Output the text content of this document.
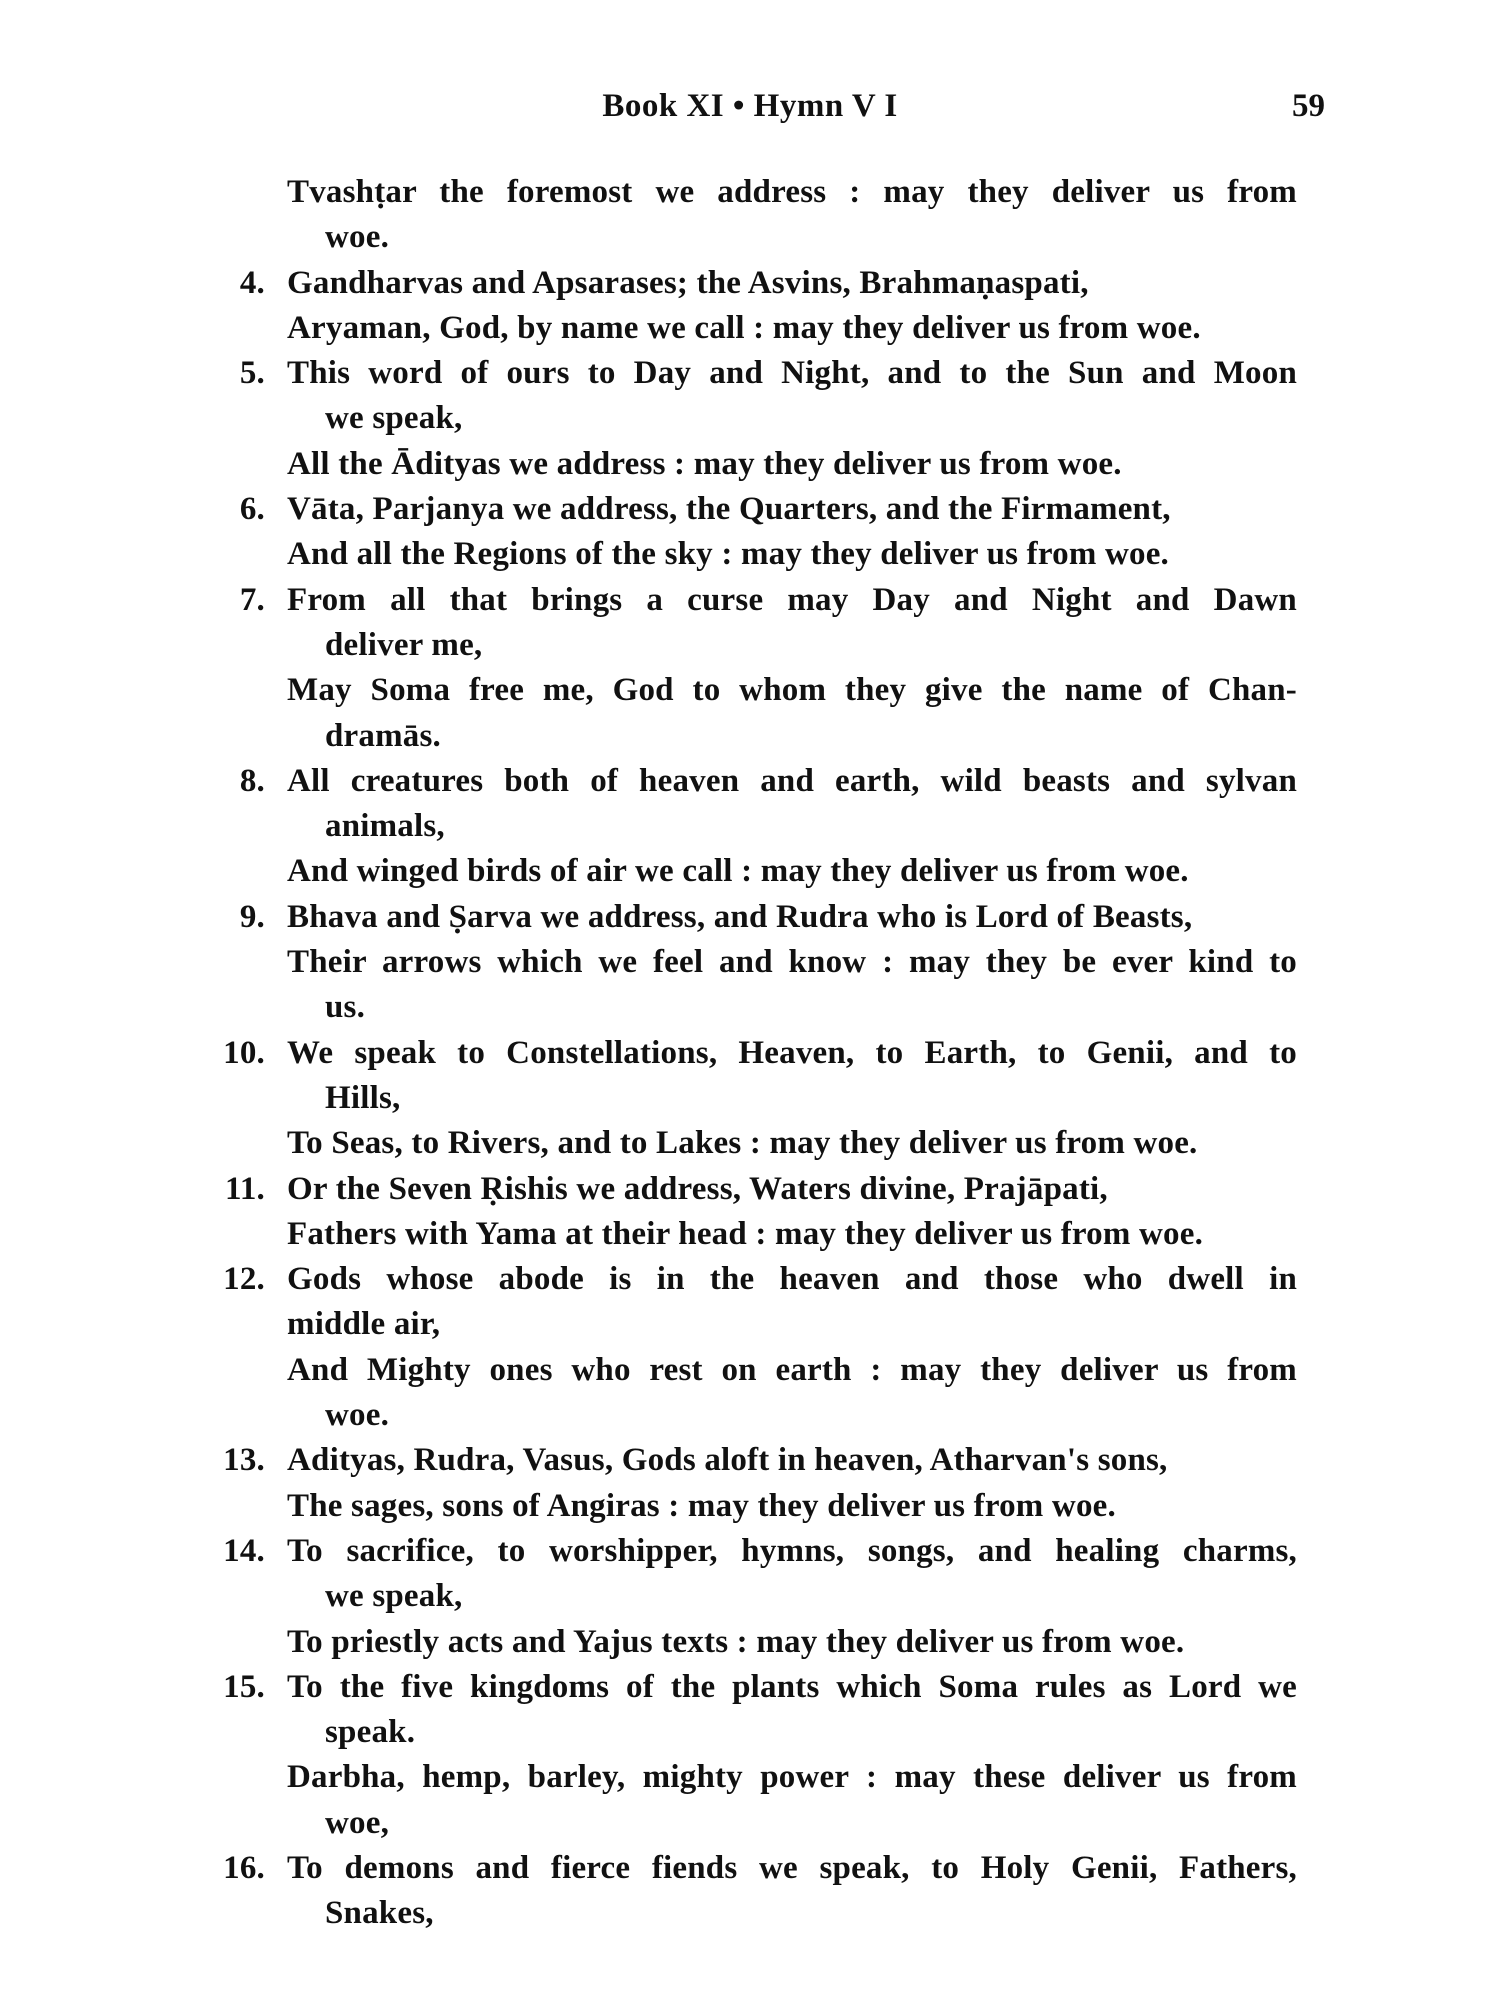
Book XI • Hymn V I	59
Tvashṭar the foremost we address : may they deliver us from
woe.
4. Gandharvas and Apsarases; the Asvins, Brahmaṇaspati,
Aryaman, God, by name we call : may they deliver us from woe.
5. This word of ours to Day and Night, and to the Sun and Moon
we speak,
All the Ādityas we address : may they deliver us from woe.
6. Vāta, Parjanya we address, the Quarters, and the Firmament,
And all the Regions of the sky : may they deliver us from woe.
7. From all that brings a curse may Day and Night and Dawn
deliver me,
May Soma free me, God to whom they give the name of Chan-
dramās.
8. All creatures both of heaven and earth, wild beasts and sylvan
animals,
And winged birds of air we call : may they deliver us from woe.
9. Bhava and Ṣarva we address, and Rudra who is Lord of Beasts,
Their arrows which we feel and know : may they be ever kind to
us.
10. We speak to Constellations, Heaven, to Earth, to Genii, and to
Hills,
To Seas, to Rivers, and to Lakes : may they deliver us from woe.
11. Or the Seven Ṛishis we address, Waters divine, Prajāpati,
Fathers with Yama at their head : may they deliver us from woe.
12. Gods whose abode is in the heaven and those who dwell in
middle air,
And Mighty ones who rest on earth : may they deliver us from
woe.
13. Adityas, Rudra, Vasus, Gods aloft in heaven, Atharvan's sons,
The sages, sons of Angiras : may they deliver us from woe.
14. To sacrifice, to worshipper, hymns, songs, and healing charms,
we speak,
To priestly acts and Yajus texts : may they deliver us from woe.
15. To the five kingdoms of the plants which Soma rules as Lord we
speak.
Darbha, hemp, barley, mighty power : may these deliver us from
woe,
16. To demons and fierce fiends we speak, to Holy Genii, Fathers,
Snakes,
